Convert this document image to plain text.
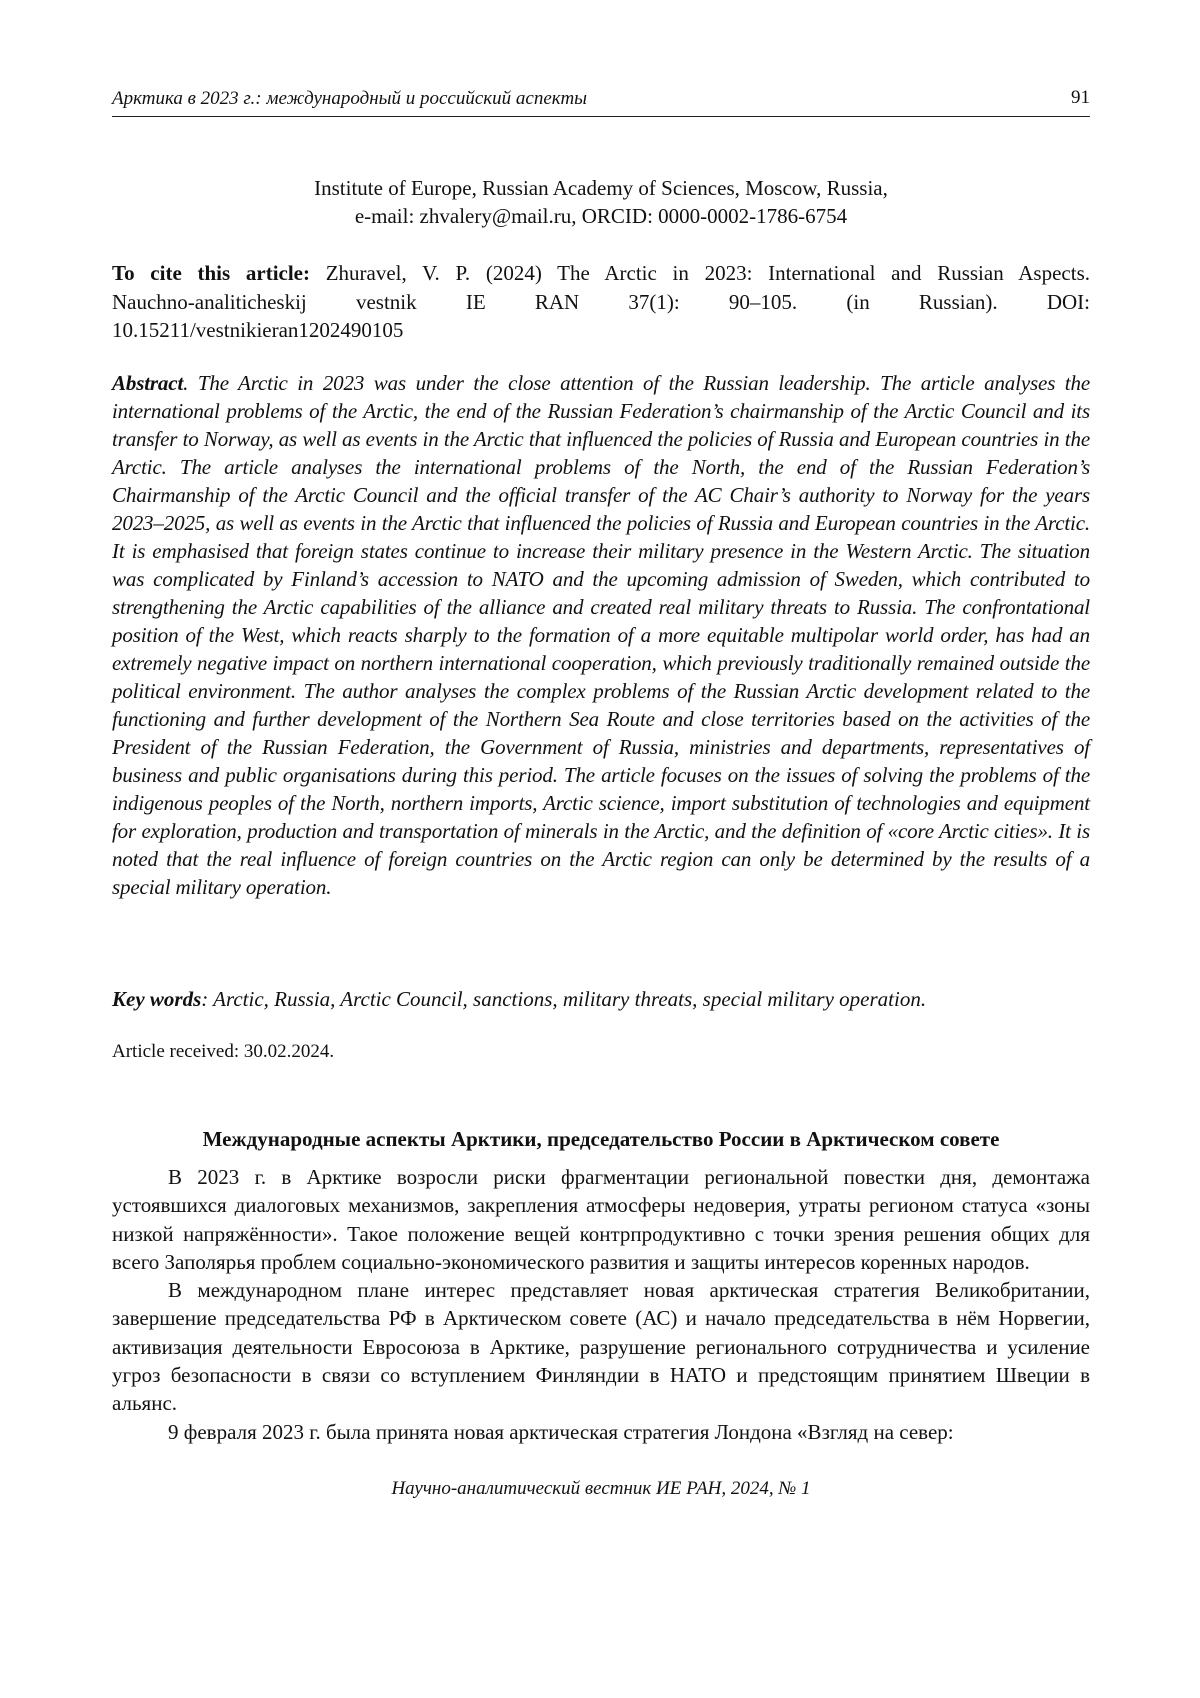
Арктика в 2023 г.: международный и российский аспекты	91
Institute of Europe, Russian Academy of Sciences, Moscow, Russia,
e-mail: zhvalery@mail.ru, ORCID: 0000-0002-1786-6754
To cite this article: Zhuravel, V. P. (2024) The Arctic in 2023: International and Russian Aspects.
Nauchno-analiticheskij vestnik IE RAN 37(1): 90–105. (in Russian). DOI:
10.15211/vestnikieran1202490105
Abstract. The Arctic in 2023 was under the close attention of the Russian leadership. The article analyses the international problems of the Arctic, the end of the Russian Federation’s chairmanship of the Arctic Council and its transfer to Norway, as well as events in the Arctic that influenced the policies of Russia and European countries in the Arctic. The article analyses the international problems of the North, the end of the Russian Federation’s Chairmanship of the Arctic Council and the official transfer of the AC Chair’s authority to Norway for the years 2023–2025, as well as events in the Arctic that influenced the policies of Russia and European countries in the Arctic. It is emphasised that foreign states continue to increase their military presence in the Western Arctic. The situation was complicated by Finland’s accession to NATO and the upcoming admission of Sweden, which contributed to strengthening the Arctic capabilities of the alliance and created real military threats to Russia. The confrontational position of the West, which reacts sharply to the formation of a more equitable multipolar world order, has had an extremely negative impact on northern international cooperation, which previously traditionally remained outside the political environment. The author analyses the complex problems of the Russian Arctic development related to the functioning and further development of the Northern Sea Route and close territories based on the activities of the President of the Russian Federation, the Government of Russia, ministries and departments, representatives of business and public organisations during this period. The article focuses on the issues of solving the problems of the indigenous peoples of the North, northern imports, Arctic science, import substitution of technologies and equipment for exploration, production and transportation of minerals in the Arctic, and the definition of «core Arctic cities». It is noted that the real influence of foreign countries on the Arctic region can only be determined by the results of a special military operation.
Key words: Arctic, Russia, Arctic Council, sanctions, military threats, special military operation.
Article received: 30.02.2024.
Международные аспекты Арктики, председательство России в Арктическом совете

В 2023 г. в Арктике возросли риски фрагментации региональной повестки дня, демонтажа устоявшихся диалоговых механизмов, закрепления атмосферы недоверия, утраты регионом статуса «зоны низкой напряжённости». Такое положение вещей контрпродуктивно с точки зрения решения общих для всего Заполярья проблем социально-экономического развития и защиты интересов коренных народов.

В международном плане интерес представляет новая арктическая стратегия Великобритании, завершение председательства РФ в Арктическом совете (АС) и начало председательства в нём Норвегии, активизация деятельности Евросоюза в Арктике, разрушение регионального сотрудничества и усиление угроз безопасности в связи со вступлением Финляндии в НАТО и предстоящим принятием Швеции в альянс.

9 февраля 2023 г. была принята новая арктическая стратегия Лондона «Взгляд на север:

Научно-аналитический вестник ИЕ РАН, 2024, № 1
